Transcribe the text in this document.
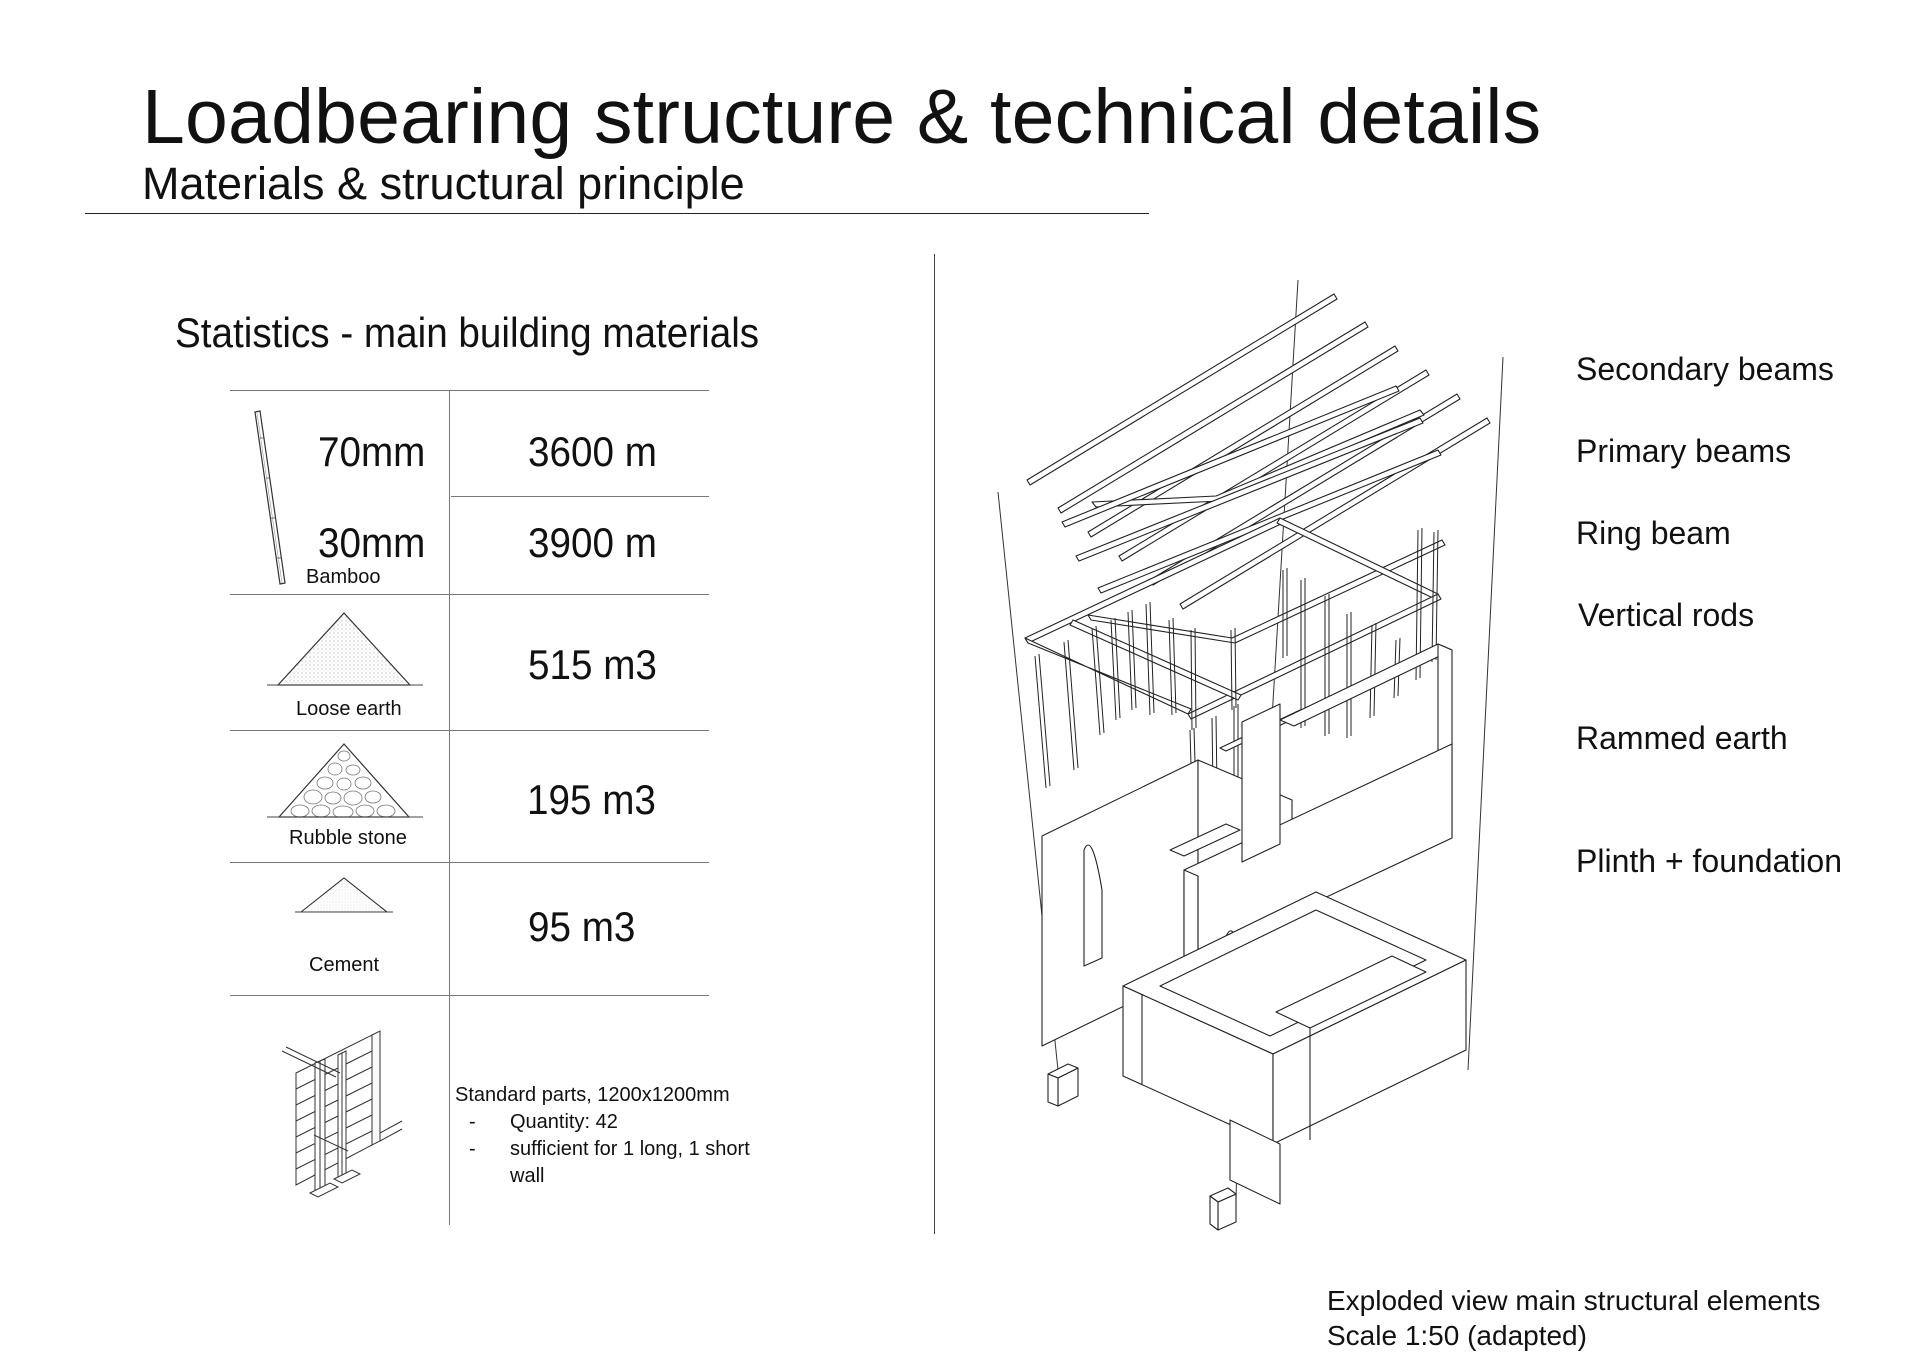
Loadbearing structure & technical details
Materials & structural principle
Statistics - main building materials
70mm 3600 m
30mm 3900 m
Bamboo
515 m3
Loose earth
195 m3
Rubble stone
95 m3
Cement
Standard parts, 1200x1200mm
- Quantity: 42
- sufficient for 1 long, 1 short
wall
Secondary beams
Primary beams
Ring beam
Vertical rods
Rammed earth
Plinth + foundation
Exploded view main structural elements
Scale 1:50 (adapted)
